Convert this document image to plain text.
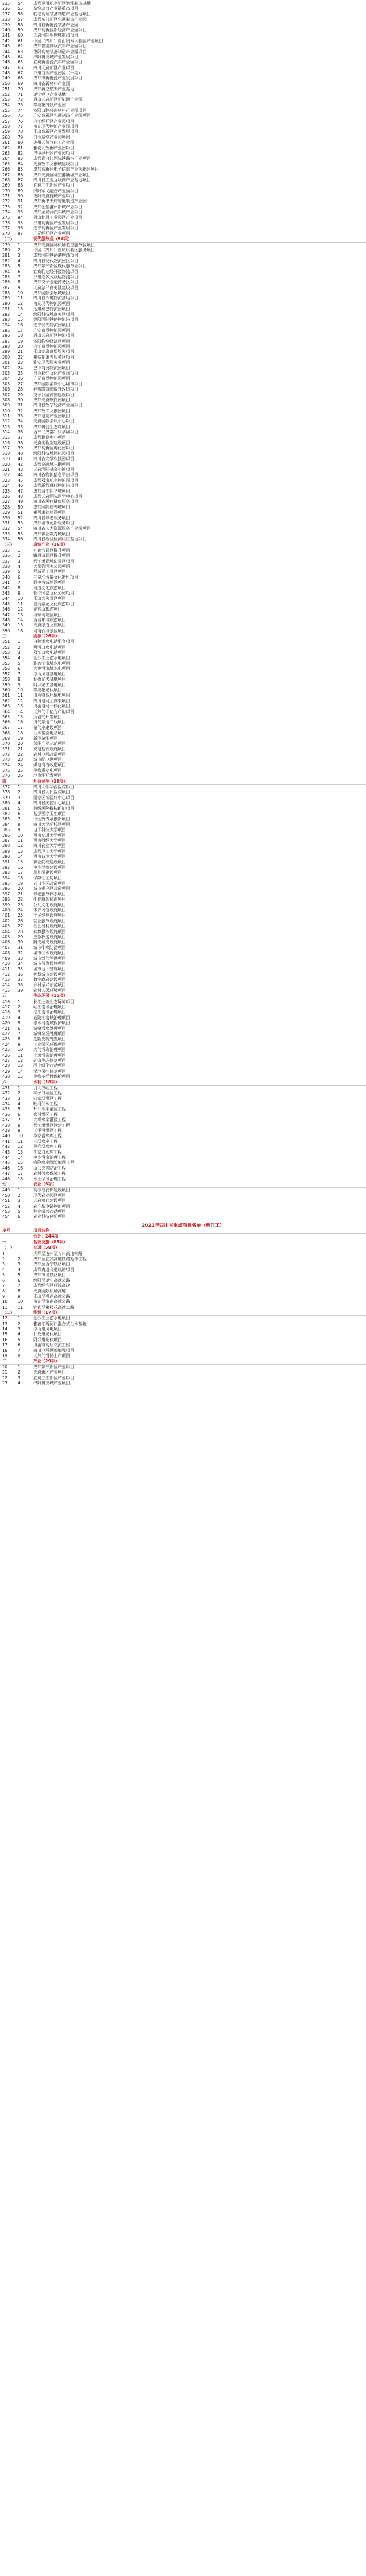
235	54	成都民用航空新区智能制造基地
236	55	航空动力产业链重点项目
237	56	临港高端装备制造产业基地项目
238	57	成都东部新区先进制造产业园
239	58	四川省新能源装备产业园
240	59	成都高新区新经济产业园项目
241	60	天府国际生物城重点项目
242	61	中国（四川）自由贸易试验区产业项目
243	62	成都智能网联汽车产业园项目
244	63	德阳高端装备制造产业园项目
245	64	绵阳科技城产业发展项目
246	65	宜宾新能源汽车产业园项目
247	66	四川天府新区产业项目
248	67	泸州白酒产业园区（一期）
249	68	成都市新能源产业发展项目
250	69	四川省新材料产业园
251	70	成都航空航天产业基地
252	71	遂宁锂电产业基地
253	72	眉山天府新区新能源产业园
254	73	攀枝花钒钛产业园
255	74	资阳口腔装备材料产业园项目
256	75	广安高新区先进制造产业园项目
257	76	内江经开区产业园项目
258	77	南充现代物流产业园项目
259	78	乐山高新区产业发展项目
260	79	自贡航空产业园项目
261	80	达州天然气化工产业园
262	81	雅安大数据产业园项目
263	82	巴中经开区产业园项目
264	83	成都青白江国际铁路港产业项目
265	84	天府数字文创城建设项目
266	85	成都高新区电子信息产业功能区项目
267	86	成都天府国际空港新城产业项目
268	87	四川省工业互联网产业基地项目
269	88	宜宾三江新区产业项目
270	89	绵阳军民融合产业园项目
271	90	德阳天府旌城产业项目
272	91	成都新津天府智能制造产业园
273	92	成都金堂淮州新城产业项目
274	93	成都龙泉驿汽车城产业项目
275	94	眉山甘眉工业园区产业项目
276	95	泸州高新区产业发展项目
277	96	遂宁高新区产业发展项目
278	97	广元经开区产业项目
（二）	现代服务业（56项）
279	1	成都天府国际机场临空服务区项目
280	2	中国（四川）自贸试验区服务项目
281	3	成都国际铁路港物流项目
282	4	四川省现代物流园区项目
283	5	成都东部新区现代服务业项目
284	6	宜宾临港经开区物流项目
285	7	泸州港多式联运物流项目
286	8	成都交子金融商务区项目
287	9	天府总部商务区建设项目
288	10	成都国际会展城项目
289	11	四川省冷链物流基地项目
290	12	南充现代物流园项目
291	13	达州秦巴物流园项目
292	14	绵阳科技城商务区项目
293	15	德阳国际铁路物流港项目
294	16	遂宁现代物流园项目
295	17	广安商贸物流园项目
296	18	眉山天府新区物流项目
297	19	资阳临空经济区项目
298	20	内江商贸物流园项目
299	21	乐山文旅商贸服务项目
300	22	攀枝花康养服务区项目
301	23	雅安现代服务业项目
302	24	巴中商贸物流园项目
303	25	自贡彩灯文化产业园项目
304	26	广元商贸物流园项目
305	27	成都国际消费中心城市项目
306	28	春熙路商圈提升改造项目
307	29	交子公园商圈建设项目
308	30	成都天府软件园项目
309	31	四川省数字经济产业园项目
310	32	成都数字文创园项目
311	33	成都电竞产业园项目
312	34	天府国际会议中心项目
313	35	成都科创生态岛项目
314	36	西部（成都）科学城项目
315	37	成都超算中心项目
316	38	天府实验室建设项目
317	39	成都高新区孵化园项目
318	40	绵阳科技城孵化园项目
319	41	四川省大学科技园项目
320	42	成都金融城三期项目
321	43	天府国际基金小镇项目
322	44	四川省物流信息平台项目
323	45	成都双流航空物流园项目
324	46	成都新都现代物流港项目
325	47	成都温江医学城项目
326	48	成都天府国际医学中心项目
327	49	四川省医疗健康服务项目
328	50	成都国际康养城项目
329	51	攀西康养旅游项目
330	52	四川省养老服务项目
331	53	成都城市更新服务项目
332	54	四川省人力资源服务产业园项目
333	55	成都职业教育城项目
334	56	四川省检验检测认证基地项目
（三）	旅游产业（16项）
335	1	九寨沟景区提升项目
336	2	峨眉山景区提升项目
337	3	都江堰青城山景区项目
338	4	大熊猫国家公园项目
339	5	稻城亚丁景区项目
340	6	三星堆古蜀文化遗址项目
341	7	阆中古城旅游项目
342	8	蜀道文化旅游项目
343	9	长征国家文化公园项目
344	10	乐山大佛景区项目
345	11	自贡恐龙文化旅游项目
346	12	光雾山旅游项目
347	13	海螺沟景区项目
348	14	西昌邛海旅游项目
349	15	天府绿道文旅项目
350	16	蜀南竹海景区项目
三	能源（26项）
351	1	白鹤滩水电站配套项目
352	2	两河口水电站项目
353	3	双江口水电站项目
354	4	金沙江上游水电项目
355	5	雅砻江流域水电项目
356	6	大渡河流域水电项目
357	7	凉山风电基地项目
358	8	甘孜光伏基地项目
359	9	阿坝光伏基地项目
360	10	攀枝花光伏项目
361	11	川西特高压输电项目
362	12	四川电网主网架项目
363	13	川渝电网一体化项目
364	14	天然气千亿方产能项目
365	15	页岩气开发项目
366	16	川气东送二线项目
367	17	储气库建设项目
368	18	抽水蓄能电站项目
369	19	新型储能项目
370	20	氢能产业示范项目
371	21	充电基础设施项目
372	22	农村电网改造项目
373	23	城市配电网项目
374	24	煤电清洁改造项目
375	25	生物质发电项目
376	26	地热能开发项目
四	社会民生（39项）
377	1	四川大学华西医院项目
378	2	四川省人民医院项目
379	3	国家区域医疗中心项目
380	4	四川省疾控中心项目
381	5	县级医院提标扩能项目
382	6	基层医疗卫生项目
383	7	中医药传承创新项目
384	8	四川大学新校区项目
385	9	电子科技大学项目
386	10	西南交通大学项目
387	11	西南财经大学项目
388	12	四川农业大学项目
389	13	成都理工大学项目
390	14	西南石油大学项目
391	15	职业院校建设项目
392	16	中小学校建设项目
393	17	幼儿园建设项目
394	18	保障性住房项目
395	19	老旧小区改造项目
396	20	城市棚户区改造项目
397	21	养老服务体系项目
398	22	托育服务体系项目
399	23	公共文化设施项目
400	24	体育场馆设施项目
401	25	全民健身设施项目
402	26	就业服务设施项目
403	27	社会福利设施项目
404	28	殡葬服务设施项目
405	29	应急救援设施项目
406	30	防灾减灾设施项目
407	31	城市排水防涝项目
408	32	城市供水设施项目
409	33	城市燃气管网项目
410	34	城市供热设施项目
411	35	城市地下管廊项目
412	36	智慧城市建设项目
413	37	数字政府建设项目
414	38	乡村振兴示范项目
415	39	农村人居环境项目
五	生态环保（15项）
416	1	长江上游生态屏障项目
417	2	岷江流域治理项目
418	3	沱江流域治理项目
419	4	嘉陵江流域治理项目
420	5	赤水河流域保护项目
421	6	城镇污水处理项目
422	7	城镇垃圾处理项目
423	8	危险废物处置项目
424	9	工业园区环保项目
425	10	大气污染治理项目
426	11	土壤污染治理项目
427	12	矿山生态修复项目
428	13	国土绿化行动项目
429	14	湿地保护修复项目
430	15	生物多样性保护项目
六	水利（18项）
431	1	引大济岷工程
432	2	亭子口灌区工程
433	3	向家坝灌区工程
434	4	毗河供水工程
435	5	升钟水库灌区工程
436	6	武引灌区工程
437	7	大桥水库灌区工程
438	8	都江堰灌区续建工程
439	9	玉溪河灌区工程
440	10	李家岩水库工程
441	11	三坝水库工程
442	12	黄桷坝水库工程
443	13	江家口水库工程
444	14	中小河流治理工程
445	15	病险水库除险加固工程
446	16	山洪灾害防治工程
447	17	农村供水保障工程
448	18	水土保持治理工程
七	农业（6项）
449	1	高标准农田建设项目
450	2	现代农业园区项目
451	3	天府粮仓建设项目
452	4	农产品冷链物流项目
453	5	种业振兴行动项目
454	6	农业科技创新项目
2022年四川省重点项目名单（新开工）
序号	项目名称
合计：244项
一	基础设施（85项）
（一）	交通（58项）
1	1	成都至达州至万州高速铁路
2	2	成都至宜宾高速铁路延伸工程
3	3	成都至西宁铁路项目
4	4	成都轨道交通线路项目
5	5	成都市域铁路项目
6	6	绵阳至遂宁高速公路
7	7	成都经济区环线高速
8	8	天府国际机场高速
9	9	乐山至西昌高速公路
10	10	南充至潼南高速公路
11	11	宜宾至攀枝花高速公路
（二）	能源（17项）
12	1	金沙江上游水电项目
13	2	雅砻江两河口混合式抽水蓄能
14	3	凉山州风电项目
15	4	甘孜州光伏项目
16	5	阿坝州光伏项目
17	6	川渝特高压交流工程
18	7	四川电网网架加强项目
19	8	天然气增储上产项目
二	产业（29项）
20	1	成都东部新区产业项目
21	2	天府新区产业项目
22	3	宜宾三江新区产业项目
23	4	绵阳科技城产业项目
